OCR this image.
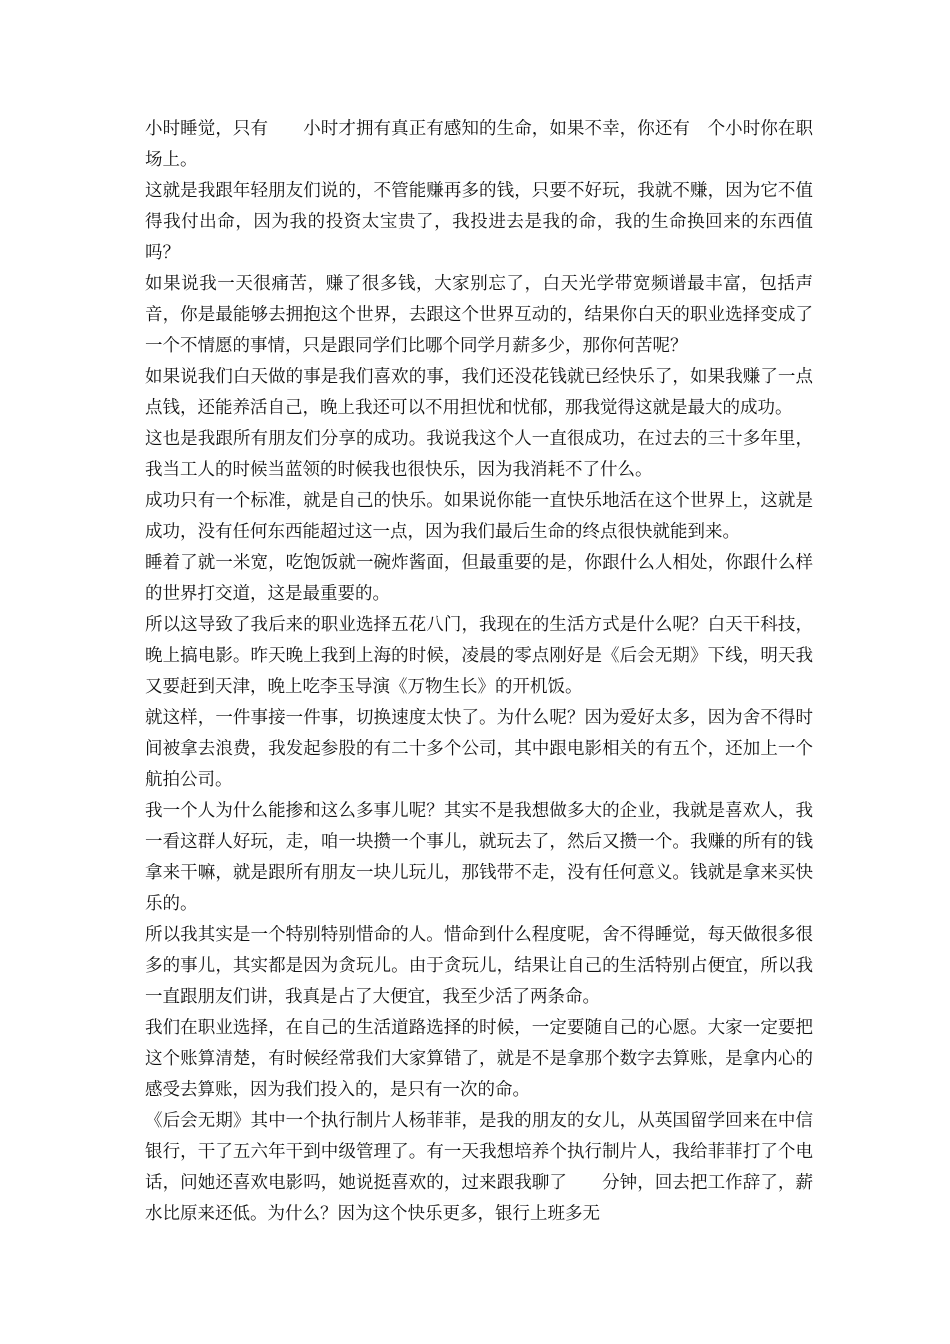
小时睡觉，只有　　小时才拥有真正有感知的生命，如果不幸，你还有　个小时你在职场上。

这就是我跟年轻朋友们说的，不管能赚再多的钱，只要不好玩，我就不赚，因为它不值得我付出命，因为我的投资太宝贵了，我投进去是我的命，我的生命换回来的东西值吗？

如果说我一天很痛苦，赚了很多钱，大家别忘了，白天光学带宽频谱最丰富，包括声音，你是最能够去拥抱这个世界，去跟这个世界互动的，结果你白天的职业选择变成了一个不情愿的事情，只是跟同学们比哪个同学月薪多少，那你何苦呢？

如果说我们白天做的事是我们喜欢的事，我们还没花钱就已经快乐了，如果我赚了一点点钱，还能养活自己，晚上我还可以不用担忧和忧郁，那我觉得这就是最大的成功。

这也是我跟所有朋友们分享的成功。我说我这个人一直很成功，在过去的三十多年里，我当工人的时候当蓝领的时候我也很快乐，因为我消耗不了什么。

成功只有一个标准，就是自己的快乐。如果说你能一直快乐地活在这个世界上，这就是成功，没有任何东西能超过这一点，因为我们最后生命的终点很快就能到来。

睡着了就一米宽，吃饱饭就一碗炸酱面，但最重要的是，你跟什么人相处，你跟什么样的世界打交道，这是最重要的。

所以这导致了我后来的职业选择五花八门，我现在的生活方式是什么呢？白天干科技，晚上搞电影。昨天晚上我到上海的时候，凌晨的零点刚好是《后会无期》下线，明天我又要赶到天津，晚上吃李玉导演《万物生长》的开机饭。

就这样，一件事接一件事，切换速度太快了。为什么呢？因为爱好太多，因为舍不得时间被拿去浪费，我发起参股的有二十多个公司，其中跟电影相关的有五个，还加上一个航拍公司。

我一个人为什么能掺和这么多事儿呢？其实不是我想做多大的企业，我就是喜欢人，我一看这群人好玩，走，咱一块攒一个事儿，就玩去了，然后又攒一个。我赚的所有的钱拿来干嘛，就是跟所有朋友一块儿玩儿，那钱带不走，没有任何意义。钱就是拿来买快乐的。

所以我其实是一个特别特别惜命的人。惜命到什么程度呢，舍不得睡觉，每天做很多很多的事儿，其实都是因为贪玩儿。由于贪玩儿，结果让自己的生活特别占便宜，所以我一直跟朋友们讲，我真是占了大便宜，我至少活了两条命。

我们在职业选择，在自己的生活道路选择的时候，一定要随自己的心愿。大家一定要把这个账算清楚，有时候经常我们大家算错了，就是不是拿那个数字去算账，是拿内心的感受去算账，因为我们投入的，是只有一次的命。

《后会无期》其中一个执行制片人杨菲菲，是我的朋友的女儿，从英国留学回来在中信银行，干了五六年干到中级管理了。有一天我想培养个执行制片人，我给菲菲打了个电话，问她还喜欢电影吗，她说挺喜欢的，过来跟我聊了　　分钟，回去把工作辞了，薪水比原来还低。为什么？因为这个快乐更多，银行上班多无
